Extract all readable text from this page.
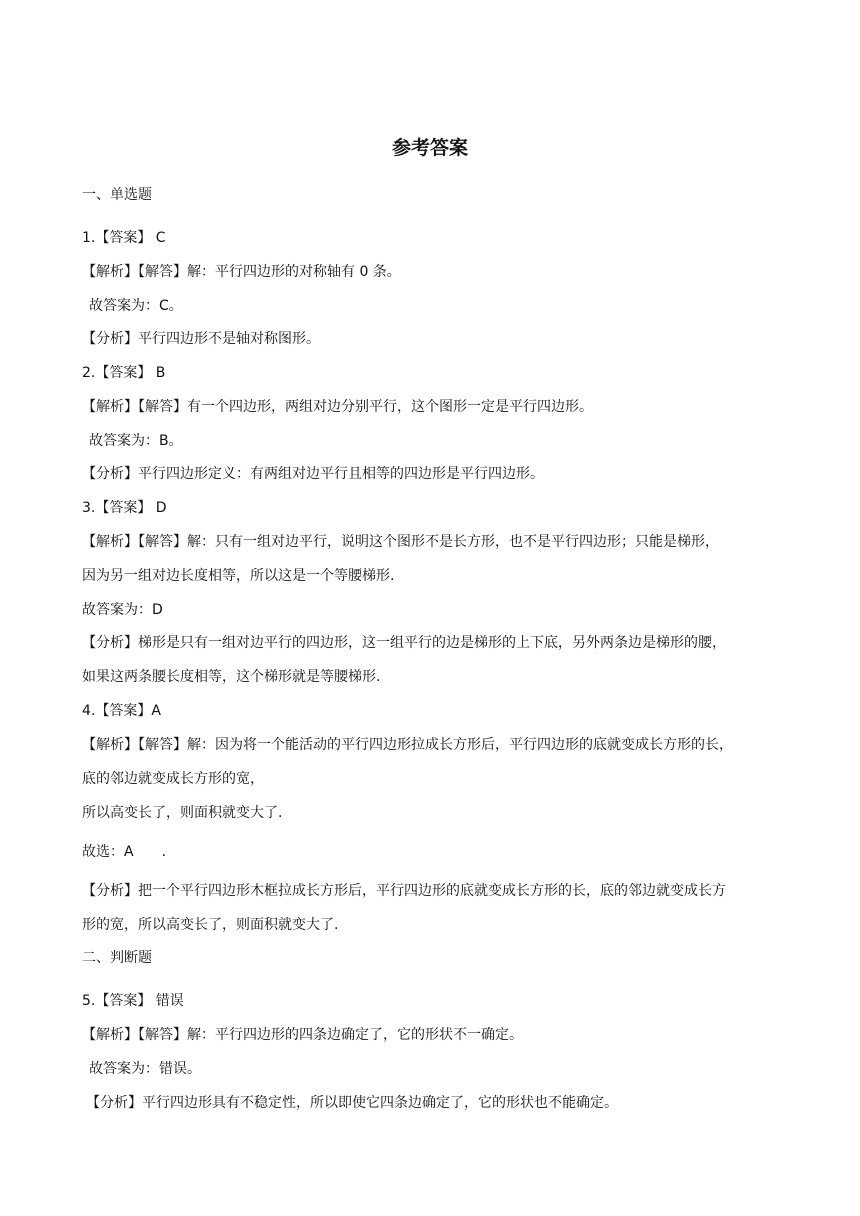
参考答案
一、单选题
1.【答案】 C
【解析】【解答】解：平行四边形的对称轴有 0 条。
故答案为：C。
【分析】平行四边形不是轴对称图形。
2.【答案】 B
【解析】【解答】有一个四边形，两组对边分别平行，这个图形一定是平行四边形。
故答案为：B。
【分析】平行四边形定义：有两组对边平行且相等的四边形是平行四边形。
3.【答案】 D
【解析】【解答】解：只有一组对边平行，说明这个图形不是长方形，也不是平行四边形；只能是梯形，
因为另一组对边长度相等，所以这是一个等腰梯形.
故答案为：D
【分析】梯形是只有一组对边平行的四边形，这一组平行的边是梯形的上下底，另外两条边是梯形的腰，
如果这两条腰长度相等，这个梯形就是等腰梯形.
4.【答案】A
【解析】【解答】解：因为将一个能活动的平行四边形拉成长方形后，平行四边形的底就变成长方形的长，
底的邻边就变成长方形的宽，
所以高变长了，则面积就变大了.
故选：A　　.
【分析】把一个平行四边形木框拉成长方形后，平行四边形的底就变成长方形的长，底的邻边就变成长方
形的宽，所以高变长了，则面积就变大了.
二、判断题
5.【答案】 错误
【解析】【解答】解：平行四边形的四条边确定了，它的形状不一确定。
故答案为：错误。
【分析】平行四边形具有不稳定性，所以即使它四条边确定了，它的形状也不能确定。
